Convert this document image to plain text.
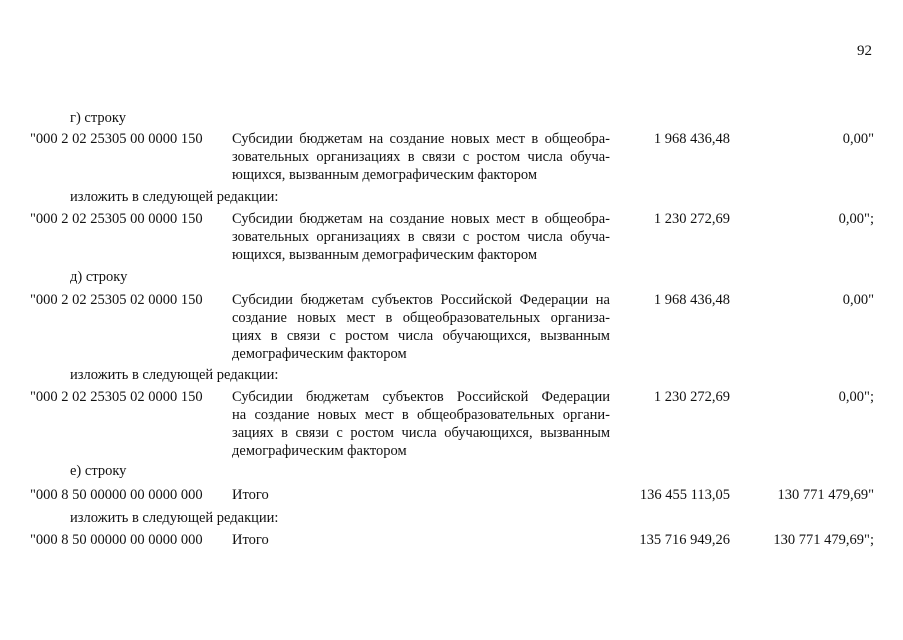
92
г) строку
"000 2 02 25305 00 0000 150 Субсидии бюджетам на создание новых мест в общеобра-
зовательных организациях в связи с ростом числа обуча-
ющихся, вызванным демографическим фактором
1 968 436,48	0,00"
изложить в следующей редакции:
"000 2 02 25305 00 0000 150 Субсидии бюджетам на создание новых мест в общеобра-
зовательных организациях в связи с ростом числа обуча-
ющихся, вызванным демографическим фактором
1 230 272,69	0,00";
д) строку
"000 2 02 25305 02 0000 150 Субсидии бюджетам субъектов Российской Федерации на
создание новых мест в общеобразовательных организа-
циях в связи с ростом числа обучающихся, вызванным
демографическим фактором
1 968 436,48	0,00"
изложить в следующей редакции:
"000 2 02 25305 02 0000 150 Субсидии бюджетам субъектов Российской Федерации
на создание новых мест в общеобразовательных органи-
зациях в связи с ростом числа обучающихся, вызванным
демографическим фактором
1 230 272,69	0,00";
е) строку
"000 8 50 00000 00 0000 000 Итого	136 455 113,05	130 771 479,69"
изложить в следующей редакции:
"000 8 50 00000 00 0000 000 Итого	135 716 949,26	130 771 479,69";
